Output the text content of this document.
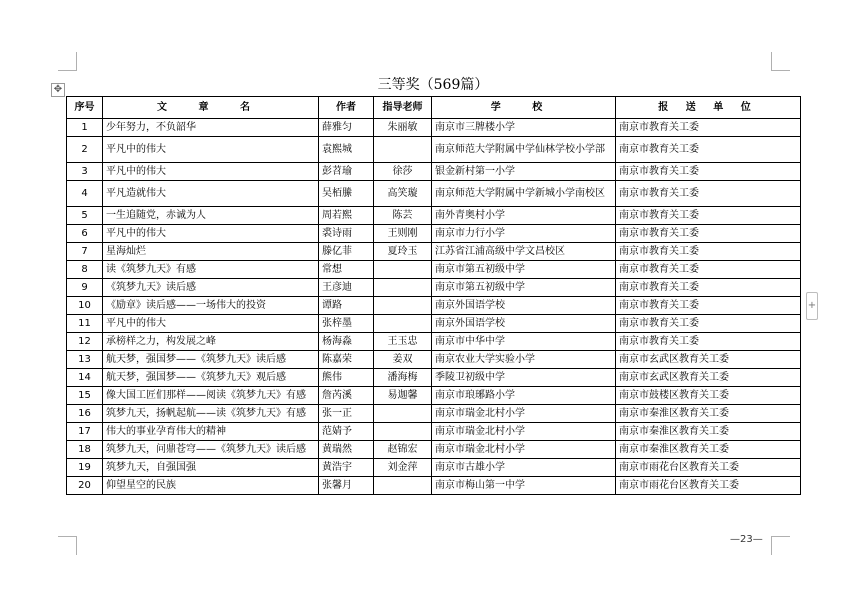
✥
+
三等奖（569篇）
序号	文 章 名	作者	指导老师	学 校	报 送 单 位
1	少年努力，不负韶华	薛雅匀	朱丽敏	南京市三牌楼小学	南京市教育关工委
2	平凡中的伟大	袁熙城		南京师范大学附属中学仙林学校小学部	南京市教育关工委
3	平凡中的伟大	彭苕瑜	徐莎	银金新村第一小学	南京市教育关工委
4	平凡造就伟大	吴栢縢	高笑璇	南京师范大学附属中学新城小学南校区	南京市教育关工委
5	一生追随党，赤诚为人	周若熙	陈芸	南外青奥村小学	南京市教育关工委
6	平凡中的伟大	裘诗雨	王则刚	南京市力行小学	南京市教育关工委
7	星海灿烂	滕亿菲	夏玲玉	江苏省江浦高级中学文昌校区	南京市教育关工委
8	读《筑梦九天》有感	常想		南京市第五初级中学	南京市教育关工委
9	《筑梦九天》读后感	王彦迪		南京市第五初级中学	南京市教育关工委
10	《励章》读后感——一场伟大的投资	谭路		南京外国语学校	南京市教育关工委
11	平凡中的伟大	张梓墨		南京外国语学校	南京市教育关工委
12	承榜样之力，构发展之峰	杨海淼	王玉忠	南京市中华中学	南京市教育关工委
13	航天梦，强国梦——《筑梦九天》读后感	陈嘉荣	姜双	南京农业大学实验小学	南京市玄武区教育关工委
14	航天梦，强国梦——《筑梦九天》观后感	熊伟	潘海梅	季陵卫初级中学	南京市玄武区教育关工委
15	像大国工匠们那样——阅读《筑梦九天》有感	詹芮溪	易迦馨	南京市琅琊路小学	南京市鼓楼区教育关工委
16	筑梦九天，扬帆起航——读《筑梦九天》有感	张一正		南京市瑞金北村小学	南京市秦淮区教育关工委
17	伟大的事业孕育伟大的精神	范婧予		南京市瑞金北村小学	南京市秦淮区教育关工委
18	筑梦九天，问鼎苍穹——《筑梦九天》读后感	黄瑞然	赵锦宏	南京市瑞金北村小学	南京市秦淮区教育关工委
19	筑梦九天，自强国强	黄浩宇	刘金萍	南京市古雄小学	南京市雨花台区教育关工委
20	仰望星空的民族	张馨月		南京市梅山第一中学	南京市雨花台区教育关工委
—23—
